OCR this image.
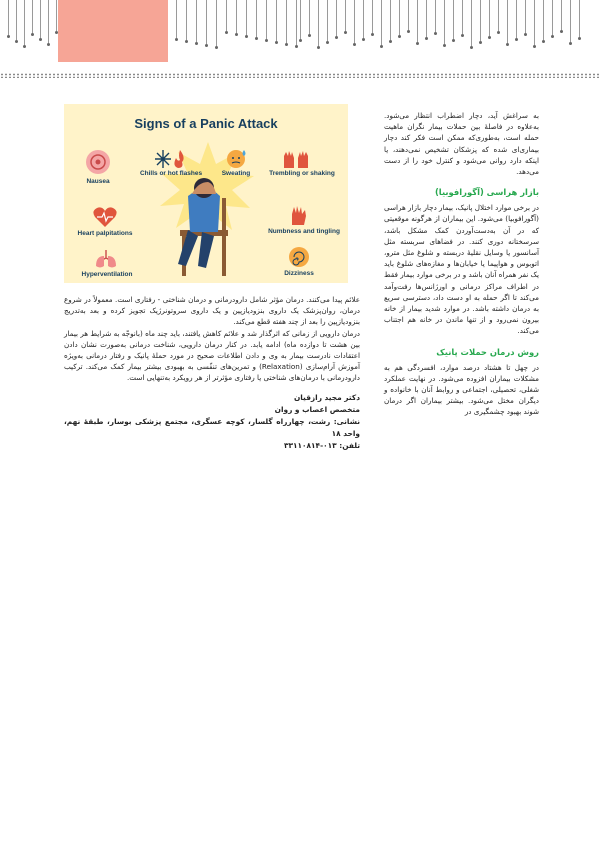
Signs of a Panic Attack
Nausea
Chills or hot flashes	Sweating	Trembling or shaking
Heart palpitations	Numbness and tingling
Hyperventilation	Dizziness

به سراغش آید، دچار اضطراب انتظار می‌شود. به‌علاوه در فاصلهٔ بین حملات بیمار نگران ماهیت حمله است، به‌طوری‌که ممکن است فکر کند دچار بیماری‌ای شده که پزشکان تشخیص نمی‌دهند، یا اینکه دارد روانی می‌شود و کنترل خود را از دست می‌دهد.

بازار هراسی (آگورافوبیا)

در برخی موارد اختلال پانیک، بیمار دچار بازار هراسی (آگورافوبیا) می‌شود. این بیماران از هرگونه موقعیتی که در آن به‌دست‌آوردن کمک مشکل باشد، سرسختانه دوری کنند. در فضاهای سربسته مثل آسانسور یا وسایل نقلیهٔ دربسته و شلوغ مثل مترو، اتوبوس و هواپیما یا خیابان‌ها و مغازه‌های شلوغ باید یک نفر همراه آنان باشد و در برخی موارد بیمار فقط در اطراف مراکز درمانی و اورژانس‌ها رفت‌وآمد می‌کند تا اگر حمله به او دست داد، دسترسی سریع به درمان داشته باشد. در موارد شدید بیمار از خانه بیرون نمی‌رود و از تنها ماندن در خانه هم اجتناب می‌کند.

روش درمان حملات پانیک

در چهل تا هشتاد درصد موارد، افسردگی هم به مشکلات بیماران افزوده می‌شود. در نهایت عملکرد شغلی، تحصیلی، اجتماعی و روابط آنان با خانواده و دیگران مختل می‌شود. بیشتر بیماران اگر درمان شوند بهبود چشمگیری در

علائم پیدا می‌کنند. درمان مؤثر شامل دارودرمانی و درمان شناختی - رفتاری است. معمولاً در شروع درمان، روان‌پزشک یک داروی بنزودیازپین و یک داروی سروتونرژیک تجویز کرده و بعد به‌تدریج بنزودیازپین را بعد از چند هفته قطع می‌کند.

درمان دارویی از زمانی که اثرگذار شد و علائم کاهش یافتند، باید چند ماه (بانوجّه به شرایط هر بیمار بین هشت تا دوازده ماه) ادامه یابد. در کنار درمان دارویی، شناخت درمانی به‌صورت نشان دادن اعتقادات نادرست بیمار به وی و دادن اطلاعات صحیح در مورد حملهٔ پانیک و رفتار درمانی به‌ویژه آموزش آرام‌سازی (Relaxation) و تمرین‌های تنفّسی به بهبودی بیشتر بیمار کمک می‌کند. ترکیب دارودرمانی با درمان‌های شناختی یا رفتاری مؤثرتر از هر رویکرد به‌تنهایی است.

دکتر مجید رازقیان
متخصص اعصاب و روان
نشانی: رشت، چهارراه گلسار، کوچه عسگری، مجتمع پزشکی بوسار، طبقهٔ نهم، واحد ۱۸
تلفن: ۰۱۳-۳۳۱۱۰۸۱۴
